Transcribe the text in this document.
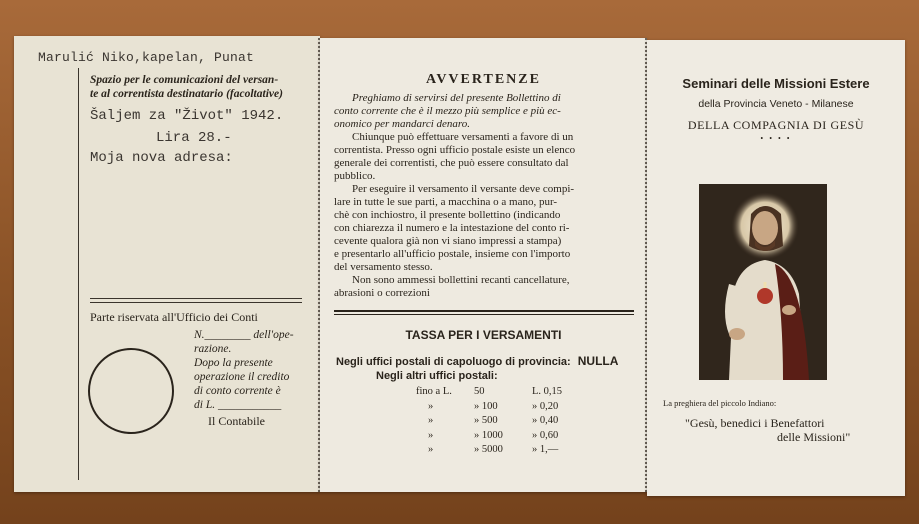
Marulić Niko,kapelan, Punat
Spazio per le comunicazioni del versan-
te al correntista destinatario (facoltative)
Šaljem za "Život" 1942.
Lira 28.-
Moja nova adresa:
Parte riservata all'Ufficio dei Conti
N.________ dell'ope-
razione.
Dopo la presente
operazione il credito
di conto corrente è
di L. ___________
Il Contabile
AVVERTENZE
Preghiamo di servirsi del presente Bollettino di
conto corrente che è il mezzo più semplice e più ec-
onomico per mandarci denaro.
Chiunque può effettuare versamenti a favore di un
correntista. Presso ogni ufficio postale esiste un elenco
generale dei correntisti, che può essere consultato dal
pubblico.
Per eseguire il versamento il versante deve compi-
lare in tutte le sue parti, a macchina o a mano, pur-
chè con inchiostro, il presente bollettino (indicando
con chiarezza il numero e la intestazione del conto ri-
cevente qualora già non vi siano impressi a stampa)
e presentarlo all'ufficio postale, insieme con l'importo
del versamento stesso.
Non sono ammessi bollettini recanti cancellature,
abrasioni o correzioni
TASSA PER I VERSAMENTI
Negli uffici postali di capoluogo di provincia: NULLA
Negli altri uffici postali:
fino a L. 50	L. 0,15
»	» 100	» 0,20
»	» 500	» 0,40
»	» 1000	» 0,60
»	» 5000	» 1,—
Seminari delle Missioni Estere
della Provincia Veneto - Milanese
DELLA COMPAGNIA DI GESÙ
• • • •
La preghiera del piccolo Indiano:
"Gesù, benedici i Benefattori
delle Missioni"
